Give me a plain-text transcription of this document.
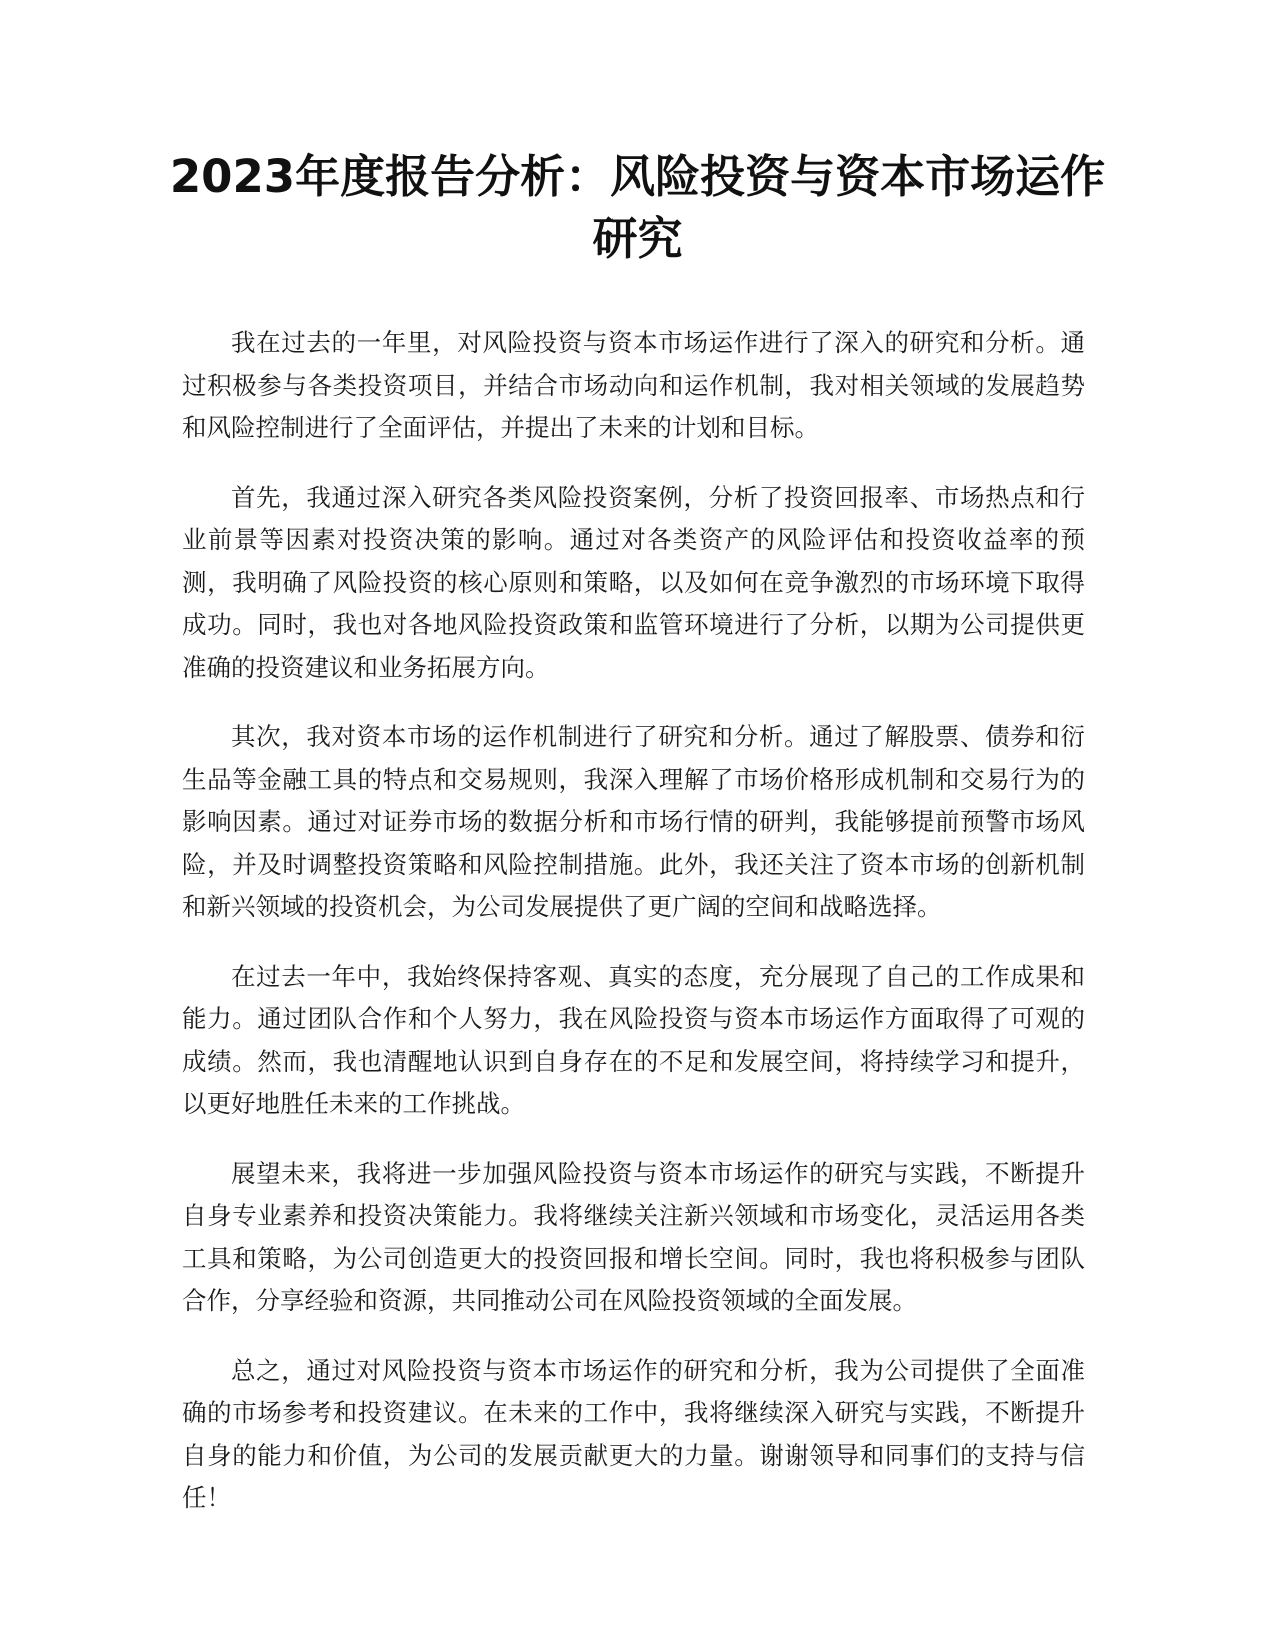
2023年度报告分析：风险投资与资本市场运作研究

我在过去的一年里，对风险投资与资本市场运作进行了深入的研究和分析。通过积极参与各类投资项目，并结合市场动向和运作机制，我对相关领域的发展趋势和风险控制进行了全面评估，并提出了未来的计划和目标。

首先，我通过深入研究各类风险投资案例，分析了投资回报率、市场热点和行业前景等因素对投资决策的影响。通过对各类资产的风险评估和投资收益率的预测，我明确了风险投资的核心原则和策略，以及如何在竞争激烈的市场环境下取得成功。同时，我也对各地风险投资政策和监管环境进行了分析，以期为公司提供更准确的投资建议和业务拓展方向。

其次，我对资本市场的运作机制进行了研究和分析。通过了解股票、债券和衍生品等金融工具的特点和交易规则，我深入理解了市场价格形成机制和交易行为的影响因素。通过对证券市场的数据分析和市场行情的研判，我能够提前预警市场风险，并及时调整投资策略和风险控制措施。此外，我还关注了资本市场的创新机制和新兴领域的投资机会，为公司发展提供了更广阔的空间和战略选择。

在过去一年中，我始终保持客观、真实的态度，充分展现了自己的工作成果和能力。通过团队合作和个人努力，我在风险投资与资本市场运作方面取得了可观的成绩。然而，我也清醒地认识到自身存在的不足和发展空间，将持续学习和提升，以更好地胜任未来的工作挑战。

展望未来，我将进一步加强风险投资与资本市场运作的研究与实践，不断提升自身专业素养和投资决策能力。我将继续关注新兴领域和市场变化，灵活运用各类工具和策略，为公司创造更大的投资回报和增长空间。同时，我也将积极参与团队合作，分享经验和资源，共同推动公司在风险投资领域的全面发展。

总之，通过对风险投资与资本市场运作的研究和分析，我为公司提供了全面准确的市场参考和投资建议。在未来的工作中，我将继续深入研究与实践，不断提升自身的能力和价值，为公司的发展贡献更大的力量。谢谢领导和同事们的支持与信任！
